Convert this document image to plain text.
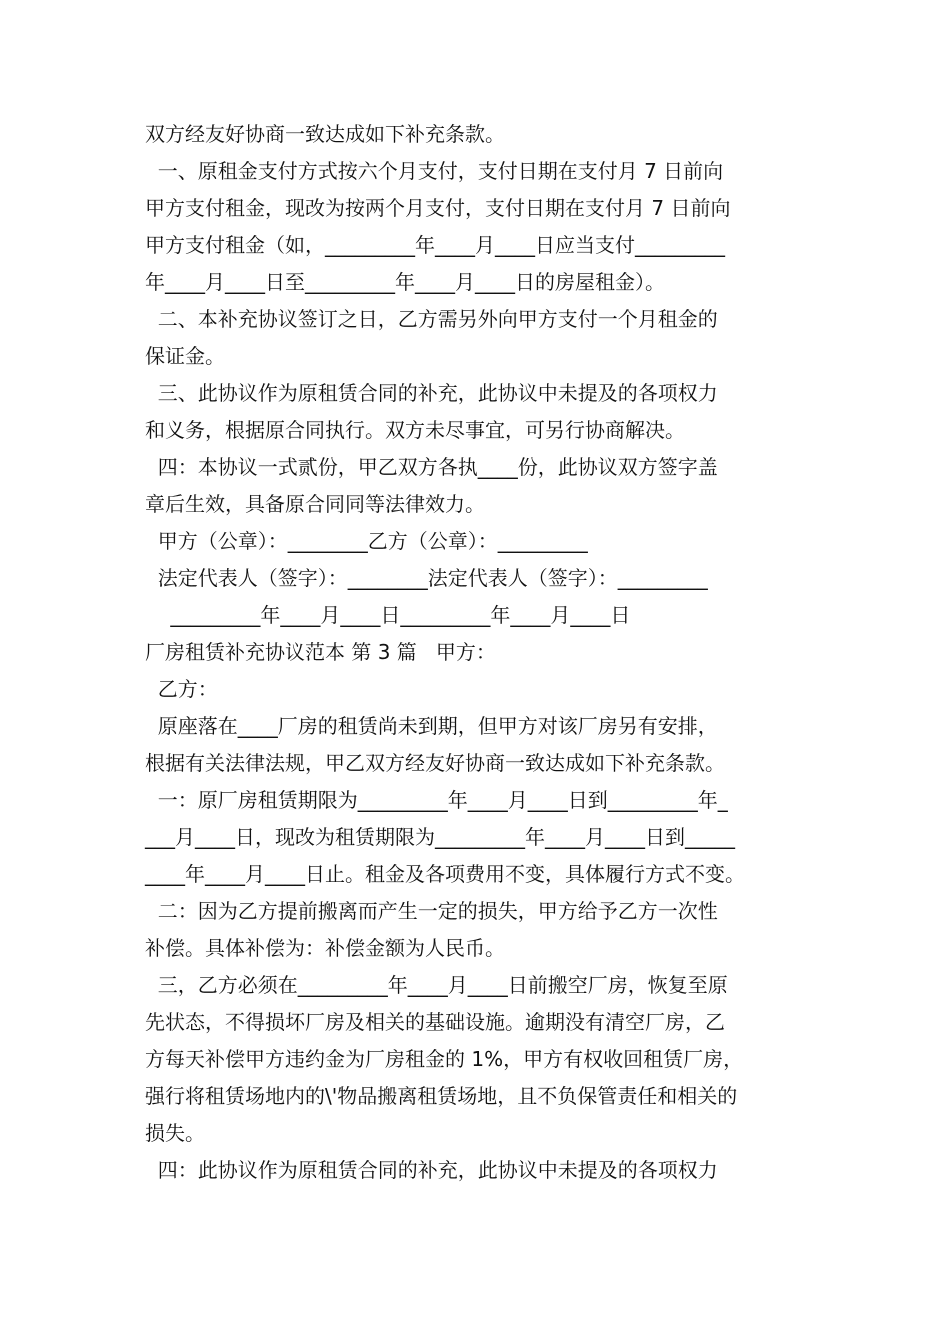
双方经友好协商一致达成如下补充条款。
一、原租金支付方式按六个月支付，支付日期在支付月 7 日前向
甲方支付租金，现改为按两个月支付，支付日期在支付月 7 日前向
甲方支付租金（如，_________年____月____日应当支付_________
年____月____日至_________年____月____日的房屋租金）。
二、本补充协议签订之日，乙方需另外向甲方支付一个月租金的
保证金。
三、此协议作为原租赁合同的补充，此协议中未提及的各项权力
和义务，根据原合同执行。双方未尽事宜，可另行协商解决。
四：本协议一式贰份，甲乙双方各执____份，此协议双方签字盖
章后生效，具备原合同同等法律效力。
甲方（公章）：________乙方（公章）：_________
法定代表人（签字）：________法定代表人（签字）：_________
_________年____月____日_________年____月____日
厂房租赁补充协议范本 第 3 篇   甲方：
乙方：
原座落在____厂房的租赁尚未到期，但甲方对该厂房另有安排，
根据有关法律法规，甲乙双方经友好协商一致达成如下补充条款。
一：原厂房租赁期限为_________年____月____日到_________年_
___月____日，现改为租赁期限为_________年____月____日到_____
____年____月____日止。租金及各项费用不变，具体履行方式不变。
二：因为乙方提前搬离而产生一定的损失，甲方给予乙方一次性
补偿。具体补偿为：补偿金额为人民币。
三，乙方必须在_________年____月____日前搬空厂房，恢复至原
先状态，不得损坏厂房及相关的基础设施。逾期没有清空厂房，乙
方每天补偿甲方违约金为厂房租金的 1%，甲方有权收回租赁厂房，
强行将租赁场地内的\'物品搬离租赁场地，且不负保管责任和相关的
损失。
四：此协议作为原租赁合同的补充，此协议中未提及的各项权力
